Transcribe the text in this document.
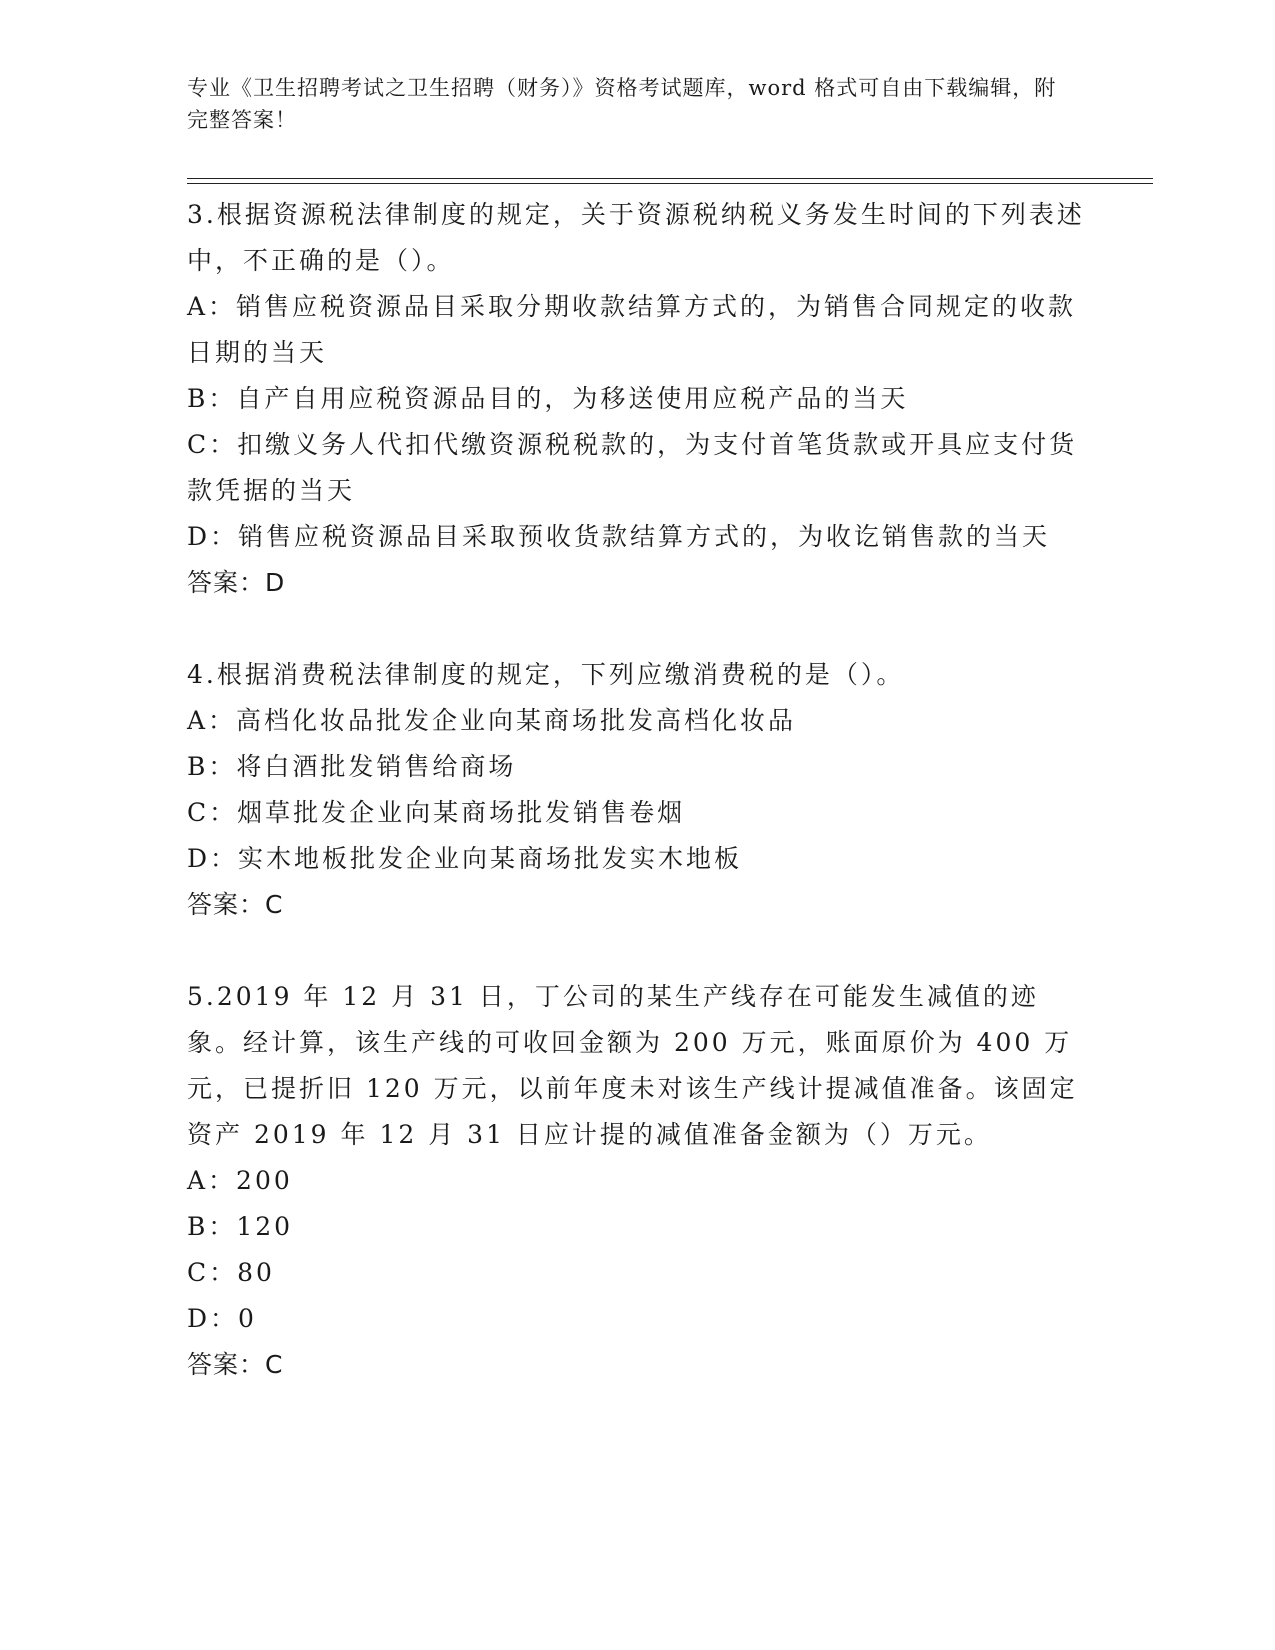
专业《卫生招聘考试之卫生招聘（财务）》资格考试题库，word 格式可自由下载编辑，附完整答案！
3.根据资源税法律制度的规定，关于资源税纳税义务发生时间的下列表述中，不正确的是（）。
A：销售应税资源品目采取分期收款结算方式的，为销售合同规定的收款日期的当天
B：自产自用应税资源品目的，为移送使用应税产品的当天
C：扣缴义务人代扣代缴资源税税款的，为支付首笔货款或开具应支付货款凭据的当天
D：销售应税资源品目采取预收货款结算方式的，为收讫销售款的当天
答案：D
4.根据消费税法律制度的规定，下列应缴消费税的是（）。
A：高档化妆品批发企业向某商场批发高档化妆品
B：将白酒批发销售给商场
C：烟草批发企业向某商场批发销售卷烟
D：实木地板批发企业向某商场批发实木地板
答案：C
5.2019 年 12 月 31 日，丁公司的某生产线存在可能发生减值的迹象。经计算，该生产线的可收回金额为 200 万元，账面原价为 400 万元，已提折旧 120 万元，以前年度未对该生产线计提减值准备。该固定资产 2019 年 12 月 31 日应计提的减值准备金额为（）万元。
A：200
B：120
C：80
D：0
答案：C
